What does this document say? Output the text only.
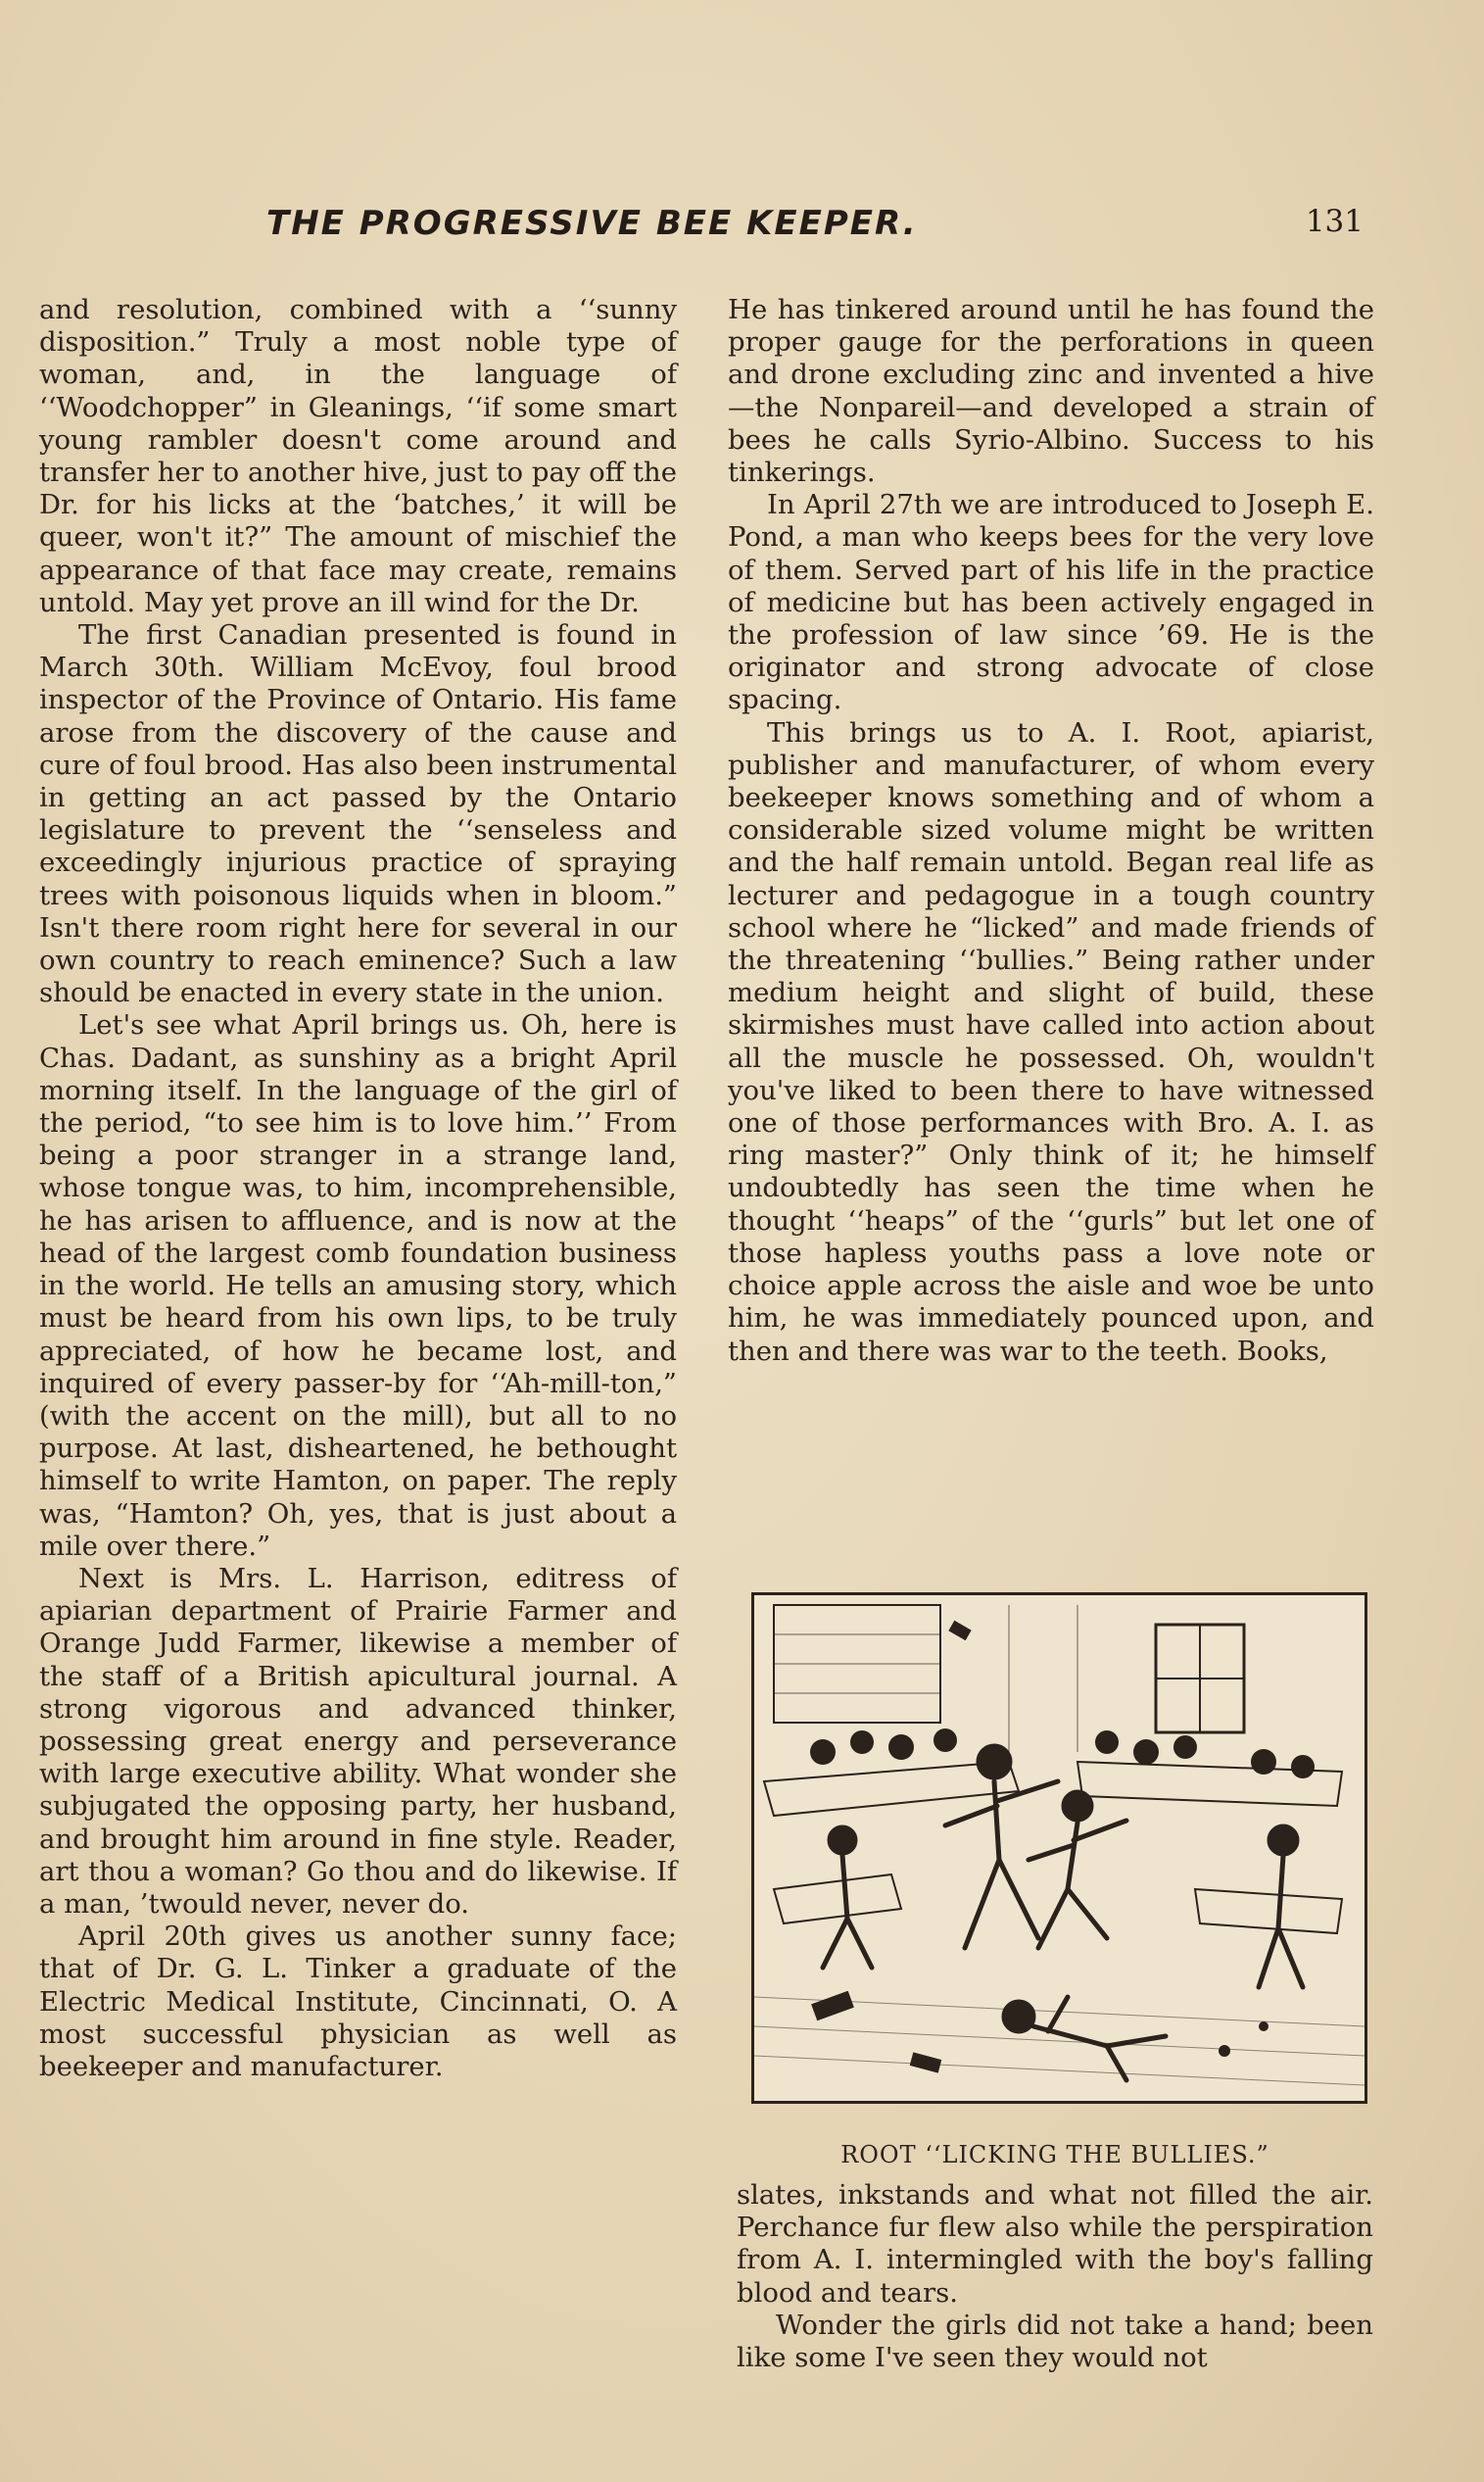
THE PROGRESSIVE BEE KEEPER.	131

and resolution, combined with a ‘‘sunny disposition.” Truly a most noble type of woman, and, in the language of ‘‘Woodchopper” in Gleanings, ‘‘if some smart young rambler doesn't come around and transfer her to another hive, just to pay off the Dr. for his licks at the ‘batches,’ it will be queer, won't it?” The amount of mischief the appearance of that face may create, remains untold. May yet prove an ill wind for the Dr.

The first Canadian presented is found in March 30th. William McEvoy, foul brood inspector of the Province of Ontario. His fame arose from the discovery of the cause and cure of foul brood. Has also been instrumental in getting an act passed by the Ontario legislature to prevent the ‘‘senseless and exceedingly injurious practice of spraying trees with poisonous liquids when in bloom.” Isn't there room right here for several in our own country to reach eminence? Such a law should be enacted in every state in the union.

Let's see what April brings us. Oh, here is Chas. Dadant, as sunshiny as a bright April morning itself. In the language of the girl of the period, “to see him is to love him.’’ From being a poor stranger in a strange land, whose tongue was, to him, incomprehensible, he has arisen to affluence, and is now at the head of the largest comb foundation business in the world. He tells an amusing story, which must be heard from his own lips, to be truly appreciated, of how he became lost, and inquired of every passer-by for ‘‘Ah-mill-ton,” (with the accent on the mill), but all to no purpose. At last, disheartened, he bethought himself to write Hamton, on paper. The reply was, “Hamton? Oh, yes, that is just about a mile over there.”

Next is Mrs. L. Harrison, editress of apiarian department of Prairie Farmer and Orange Judd Farmer, likewise a member of the staff of a British apicultural journal. A strong vigorous and advanced thinker, possessing great energy and perseverance with large executive ability. What wonder she subjugated the opposing party, her husband, and brought him around in fine style. Reader, art thou a woman? Go thou and do likewise. If a man, ’twould never, never do.

April 20th gives us another sunny face; that of Dr. G. L. Tinker a graduate of the Electric Medical Institute, Cincinnati, O. A most successful physician as well as beekeeper and manufacturer.

He has tinkered around until he has found the proper gauge for the perforations in queen and drone excluding zinc and invented a hive—the Nonpareil—and developed a strain of bees he calls Syrio-Albino. Success to his tinkerings.

In April 27th we are introduced to Joseph E. Pond, a man who keeps bees for the very love of them. Served part of his life in the practice of medicine but has been actively engaged in the profession of law since ’69. He is the originator and strong advocate of close spacing.

This brings us to A. I. Root, apiarist, publisher and manufacturer, of whom every beekeeper knows something and of whom a considerable sized volume might be written and the half remain untold. Began real life as lecturer and pedagogue in a tough country school where he “licked” and made friends of the threatening ‘‘bullies.” Being rather under medium height and slight of build, these skirmishes must have called into action about all the muscle he possessed. Oh, wouldn't you've liked to been there to have witnessed one of those performances with Bro. A. I. as ring master?” Only think of it; he himself undoubtedly has seen the time when he thought ‘‘heaps” of the ‘‘gurls” but let one of those hapless youths pass a love note or choice apple across the aisle and woe be unto him, he was immediately pounced upon, and then and there was war to the teeth. Books,

ROOT ‘‘LICKING THE BULLIES.”

slates, inkstands and what not filled the air. Perchance fur flew also while the perspiration from A. I. intermingled with the boy's falling blood and tears.

Wonder the girls did not take a hand; been like some I've seen they would not
